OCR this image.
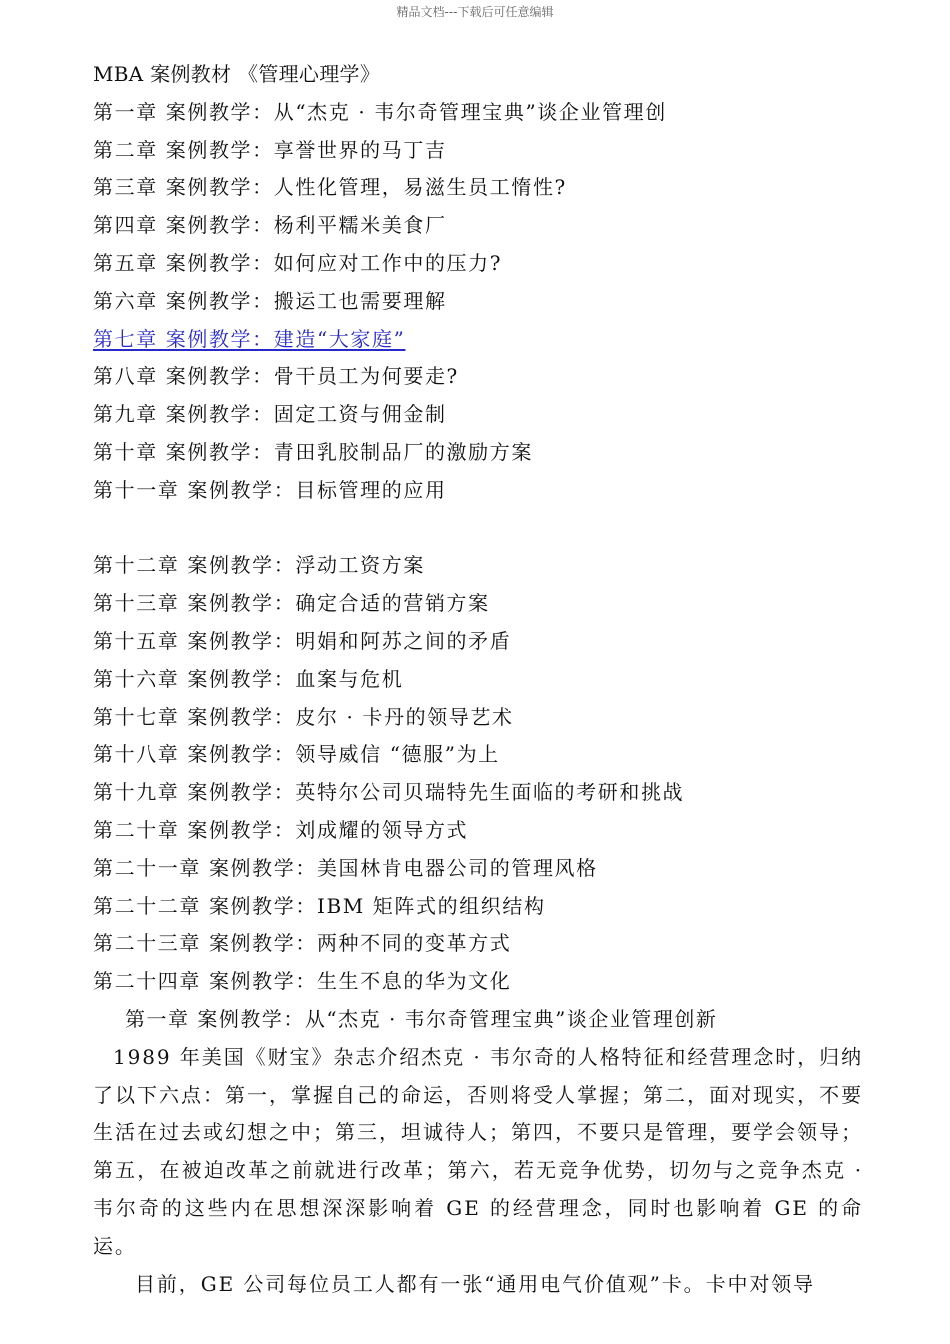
精品文档---下载后可任意编辑
MBA 案例教材 《管理心理学》
第一章 案例教学：从“杰克 · 韦尔奇管理宝典”谈企业管理创
第二章 案例教学：享誉世界的马丁吉
第三章 案例教学：人性化管理，易滋生员工惰性?
第四章 案例教学：杨利平糯米美食厂
第五章 案例教学：如何应对工作中的压力?
第六章 案例教学：搬运工也需要理解
第七章 案例教学：建造“大家庭”
第八章 案例教学：骨干员工为何要走?
第九章 案例教学：固定工资与佣金制
第十章 案例教学：青田乳胶制品厂的激励方案
第十一章 案例教学：目标管理的应用
第十二章 案例教学：浮动工资方案
第十三章 案例教学：确定合适的营销方案
第十五章 案例教学：明娟和阿苏之间的矛盾
第十六章 案例教学：血案与危机
第十七章 案例教学：皮尔 · 卡丹的领导艺术
第十八章 案例教学：领导威信 “德服”为上
第十九章 案例教学：英特尔公司贝瑞特先生面临的考研和挑战
第二十章 案例教学：刘成耀的领导方式
第二十一章 案例教学：美国林肯电器公司的管理风格
第二十二章 案例教学：IBM 矩阵式的组织结构
第二十三章 案例教学：两种不同的变革方式
第二十四章 案例教学：生生不息的华为文化
第一章 案例教学：从“杰克 · 韦尔奇管理宝典”谈企业管理创新

1989 年美国《财宝》杂志介绍杰克 · 韦尔奇的人格特征和经营理念时，归纳了以下六点：第一，掌握自己的命运，否则将受人掌握；第二，面对现实，不要生活在过去或幻想之中；第三，坦诚待人；第四，不要只是管理，要学会领导；第五，在被迫改革之前就进行改革；第六，若无竞争优势，切勿与之竞争杰克 · 韦尔奇的这些内在思想深深影响着 GE 的经营理念，同时也影响着 GE 的命运。

目前，GE 公司每位员工人都有一张“通用电气价值观”卡。卡中对领导
